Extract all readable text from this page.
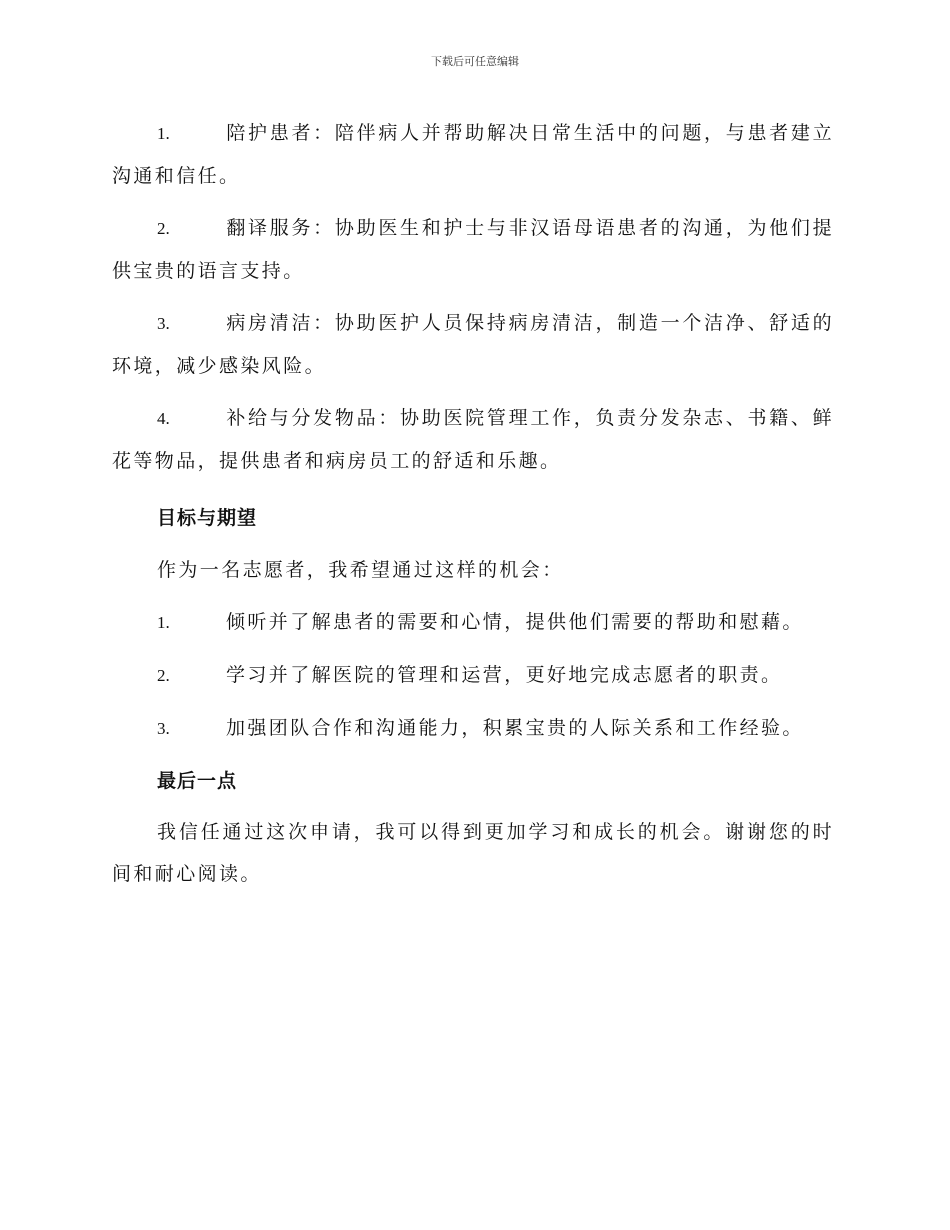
下载后可任意编辑
1.	陪护患者：陪伴病人并帮助解决日常生活中的问题，与患者建立沟通和信任。
2.	翻译服务：协助医生和护士与非汉语母语患者的沟通，为他们提供宝贵的语言支持。
3.	病房清洁：协助医护人员保持病房清洁，制造一个洁净、舒适的环境，减少感染风险。
4.	补给与分发物品：协助医院管理工作，负责分发杂志、书籍、鲜花等物品，提供患者和病房员工的舒适和乐趣。
目标与期望
作为一名志愿者，我希望通过这样的机会：
1.	倾听并了解患者的需要和心情，提供他们需要的帮助和慰藉。
2.	学习并了解医院的管理和运营，更好地完成志愿者的职责。
3.	加强团队合作和沟通能力，积累宝贵的人际关系和工作经验。
最后一点
我信任通过这次申请，我可以得到更加学习和成长的机会。谢谢您的时间和耐心阅读。
